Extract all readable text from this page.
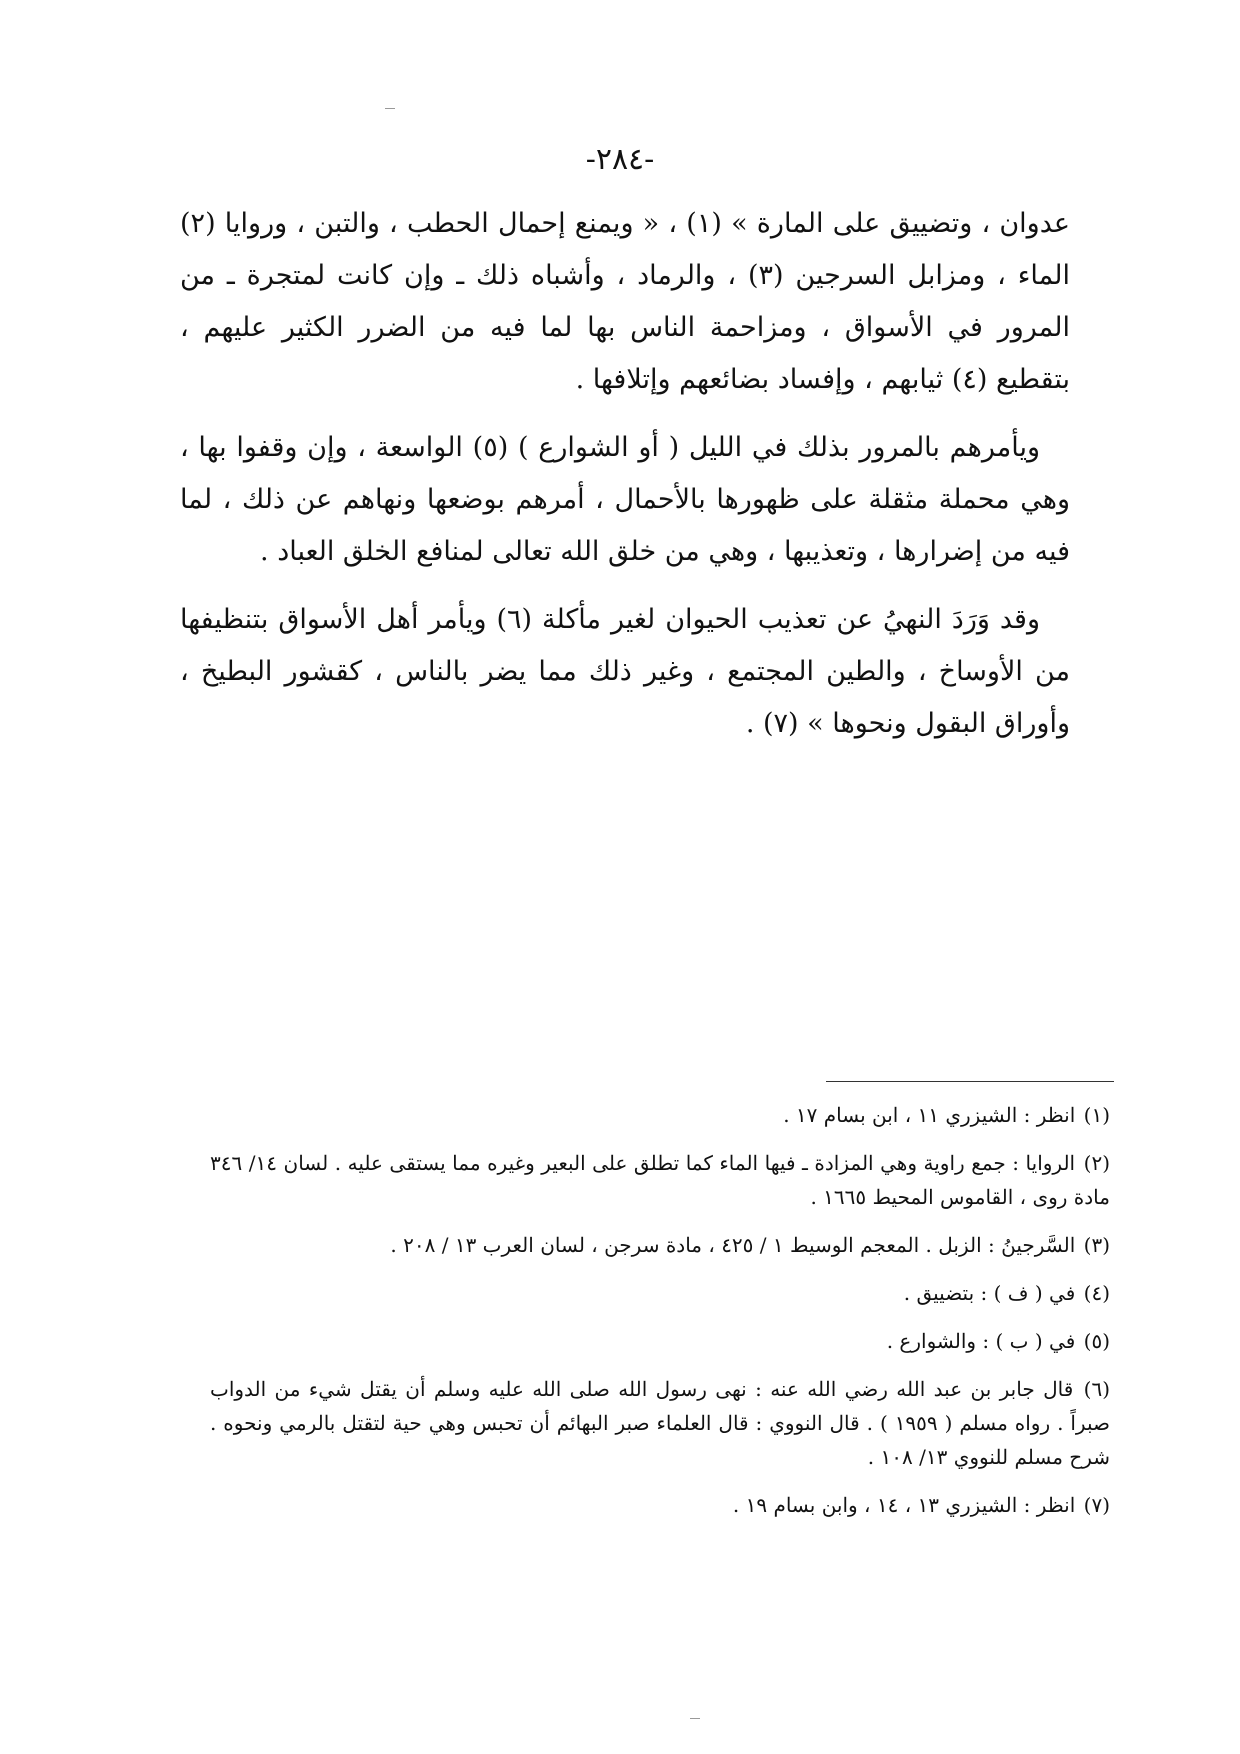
-٢٨٤-

عدوان ، وتضييق على المارة » (١) ، « ويمنع إحمال الحطب ، والتبن ، وروايا (٢) الماء ، ومزابل السرجين (٣) ، والرماد ، وأشباه ذلك ـ وإن كانت لمتجرة ـ من المرور في الأسواق ، ومزاحمة الناس بها لما فيه من الضرر الكثير عليهم ، بتقطيع (٤) ثيابهم ، وإفساد بضائعهم وإتلافها .

ويأمرهم بالمرور بذلك في الليل ( أو الشوارع ) (٥) الواسعة ، وإن وقفوا بها ، وهي محملة مثقلة على ظهورها بالأحمال ، أمرهم بوضعها ونهاهم عن ذلك ، لما فيه من إضرارها ، وتعذيبها ، وهي من خلق الله تعالى لمنافع الخلق العباد .

وقد وَرَدَ النهيُ عن تعذيب الحيوان لغير مأكلة (٦) ويأمر أهل الأسواق بتنظيفها من الأوساخ ، والطين المجتمع ، وغير ذلك مما يضر بالناس ، كقشور البطيخ ، وأوراق البقول ونحوها » (٧) .

(١) انظر : الشيزري ١١ ، ابن بسام ١٧ .
(٢) الروايا : جمع راوية وهي المزادة ـ فيها الماء كما تطلق على البعير وغيره مما يستقى عليه . لسان ١٤/ ٣٤٦ مادة روى ، القاموس المحيط ١٦٦٥ .
(٣) السَّرجينُ : الزبل . المعجم الوسيط ١ / ٤٢٥ ، مادة سرجن ، لسان العرب ١٣ / ٢٠٨ .
(٤) في ( ف ) : بتضييق .
(٥) في ( ب ) : والشوارع .
(٦) قال جابر بن عبد الله رضي الله عنه : نهى رسول الله صلى الله عليه وسلم أن يقتل شيء من الدواب صبراً . رواه مسلم ( ١٩٥٩ ) . قال النووي : قال العلماء صبر البهائم أن تحبس وهي حية لتقتل بالرمي ونحوه . شرح مسلم للنووي ١٣/ ١٠٨ .
(٧) انظر : الشيزري ١٣ ، ١٤ ، وابن بسام ١٩ .
